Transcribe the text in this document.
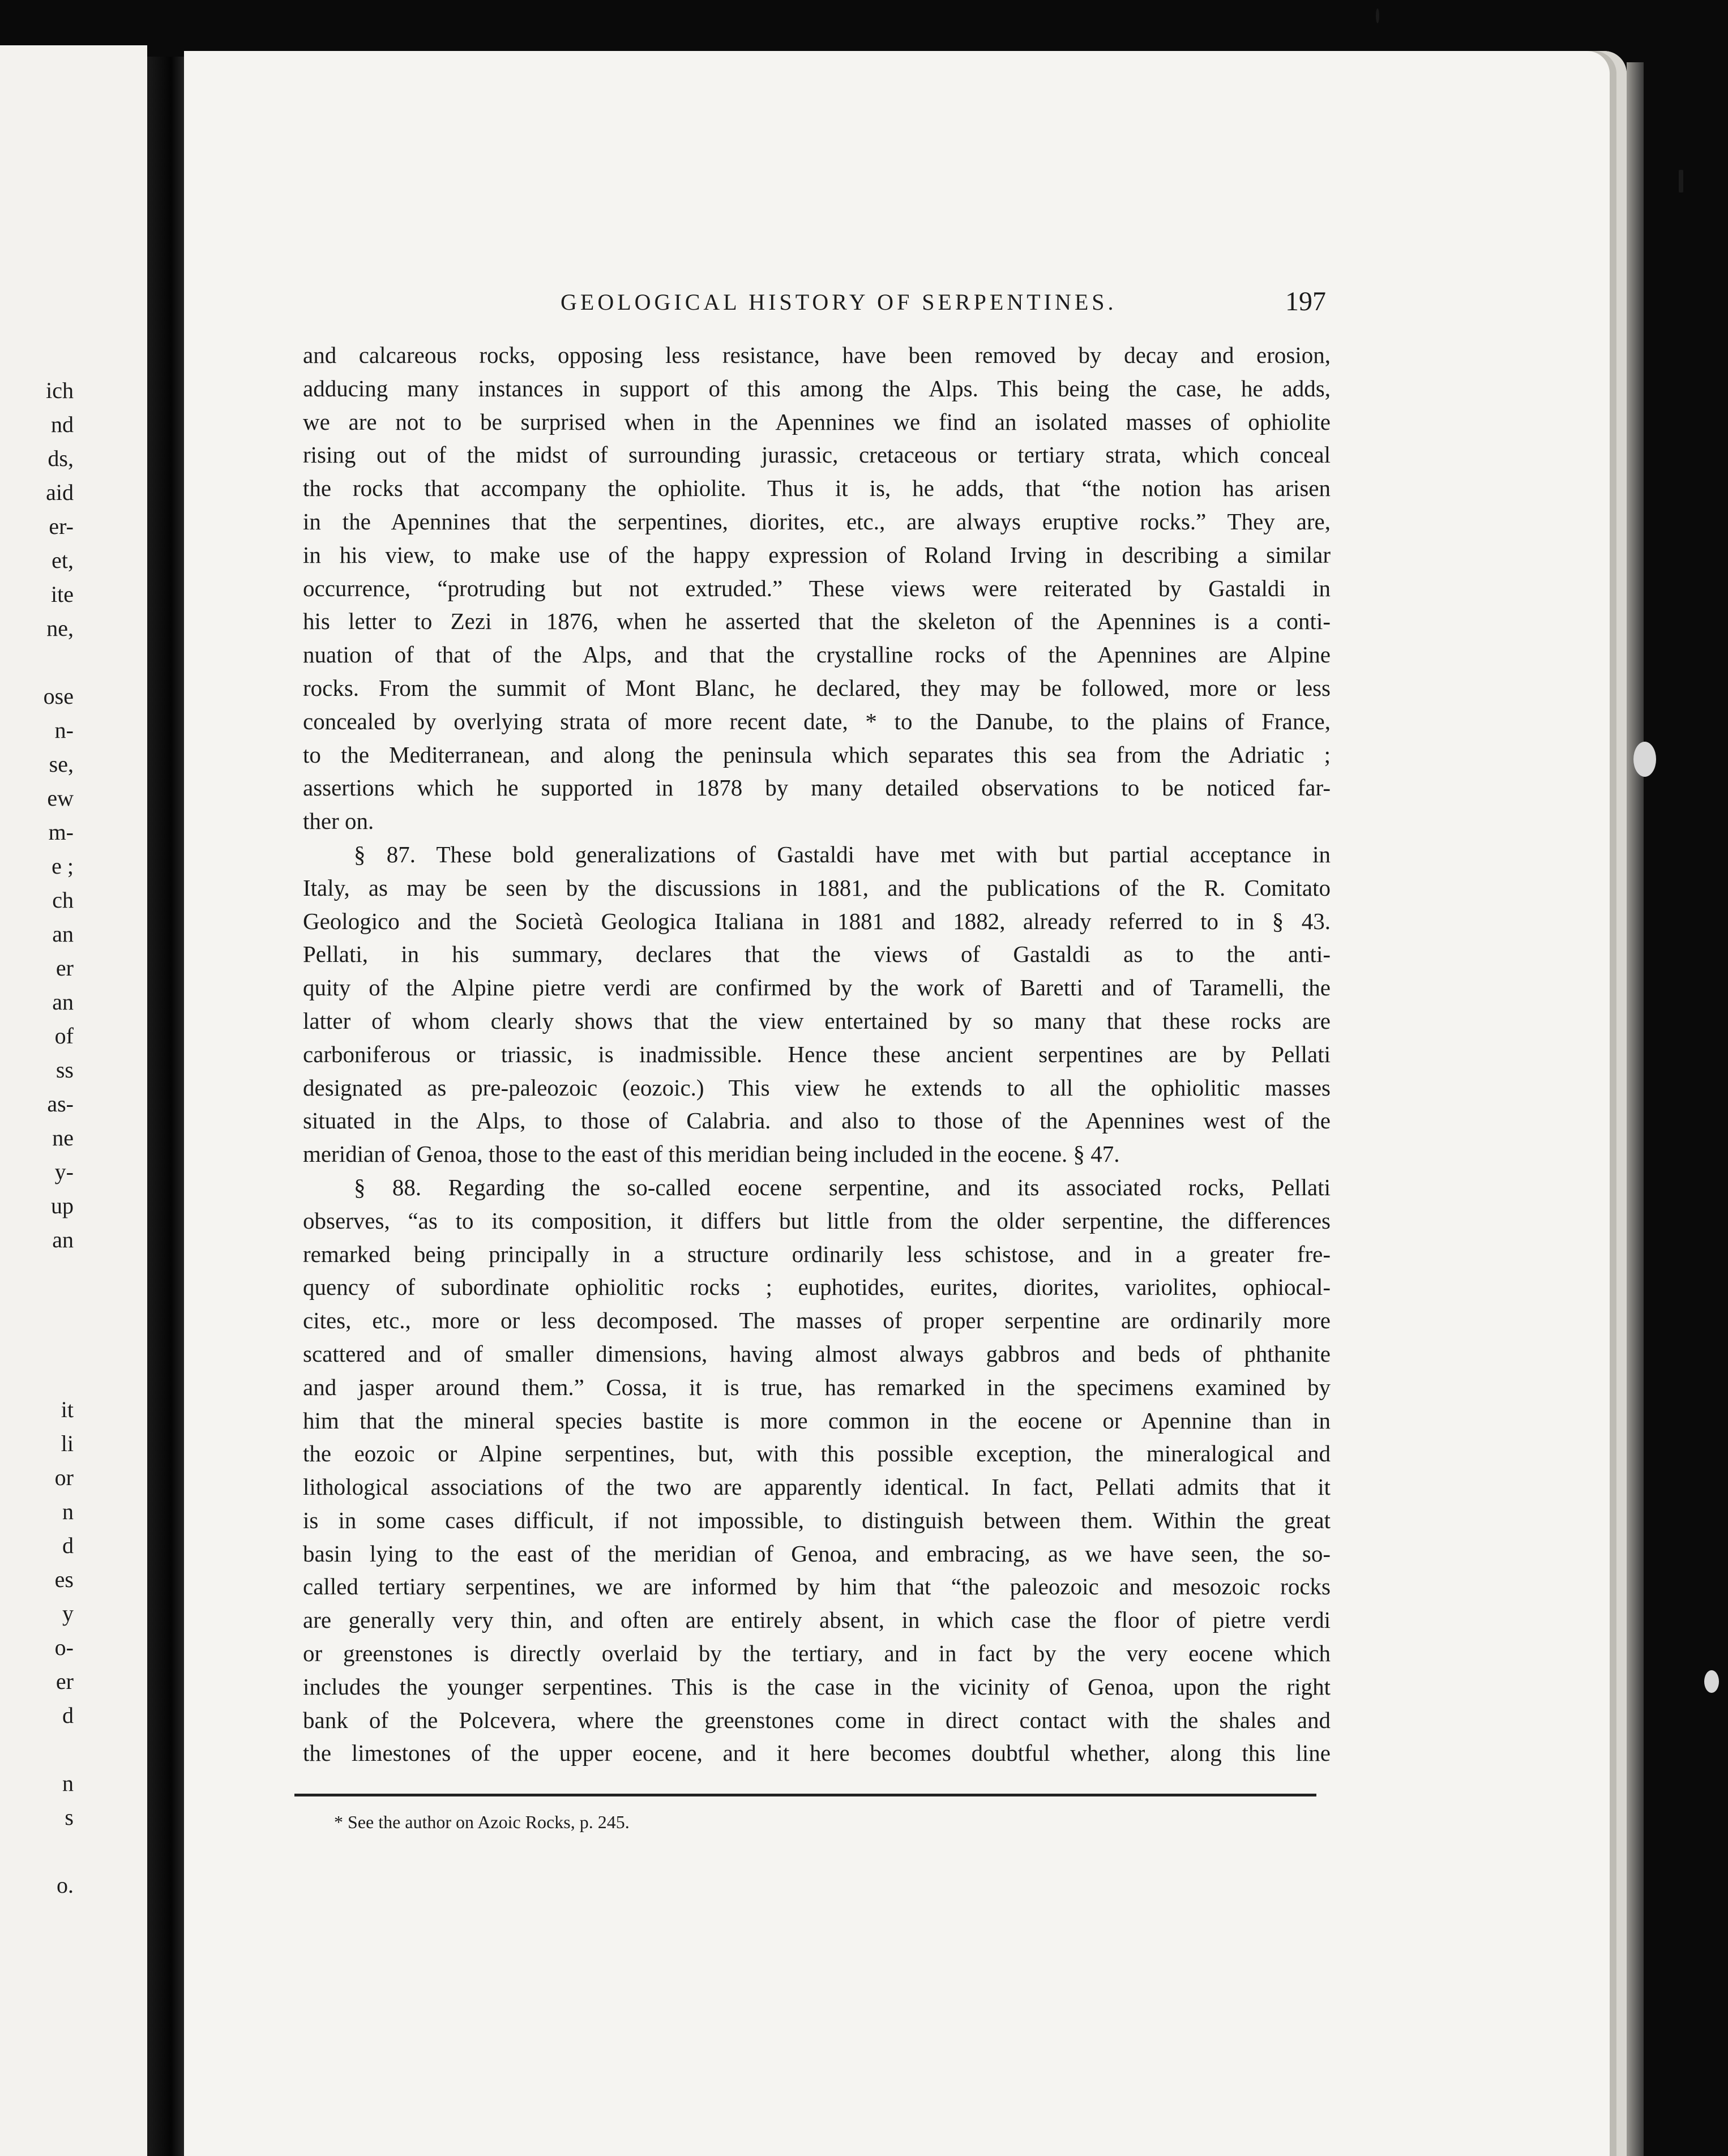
ich
nd
ds,
aid
er-
et,
ite
ne,
ose
n-
se,
ew
m-
e ;
ch
an
er
an
of
ss
as-
ne
y-
up
an
it
li
or
n
d
es
y
o-
er
d
n
s
o.
GEOLOGICAL HISTORY OF SERPENTINES.	197
and calcareous rocks, opposing less resistance, have been removed by decay and erosion,
adducing many instances in support of this among the Alps. This being the case, he adds,
we are not to be surprised when in the Apennines we find an isolated masses of ophiolite
rising out of the midst of surrounding jurassic, cretaceous or tertiary strata, which conceal
the rocks that accompany the ophiolite. Thus it is, he adds, that “the notion has arisen
in the Apennines that the serpentines, diorites, etc., are always eruptive rocks.” They are,
in his view, to make use of the happy expression of Roland Irving in describing a similar
occurrence, “protruding but not extruded.” These views were reiterated by Gastaldi in
his letter to Zezi in 1876, when he asserted that the skeleton of the Apennines is a conti-
nuation of that of the Alps, and that the crystalline rocks of the Apennines are Alpine
rocks. From the summit of Mont Blanc, he declared, they may be followed, more or less
concealed by overlying strata of more recent date, * to the Danube, to the plains of France,
to the Mediterranean, and along the peninsula which separates this sea from the Adriatic ;
assertions which he supported in 1878 by many detailed observations to be noticed far-
ther on.
§ 87. These bold generalizations of Gastaldi have met with but partial acceptance in
Italy, as may be seen by the discussions in 1881, and the publications of the R. Comitato
Geologico and the Società Geologica Italiana in 1881 and 1882, already referred to in § 43.
Pellati, in his summary, declares that the views of Gastaldi as to the anti-
quity of the Alpine pietre verdi are confirmed by the work of Baretti and of Taramelli, the
latter of whom clearly shows that the view entertained by so many that these rocks are
carboniferous or triassic, is inadmissible. Hence these ancient serpentines are by Pellati
designated as pre-paleozoic (eozoic.) This view he extends to all the ophiolitic masses
situated in the Alps, to those of Calabria. and also to those of the Apennines west of the
meridian of Genoa, those to the east of this meridian being included in the eocene. § 47.
§ 88. Regarding the so-called eocene serpentine, and its associated rocks, Pellati
observes, “as to its composition, it differs but little from the older serpentine, the differences
remarked being principally in a structure ordinarily less schistose, and in a greater fre-
quency of subordinate ophiolitic rocks ; euphotides, eurites, diorites, variolites, ophiocal-
cites, etc., more or less decomposed. The masses of proper serpentine are ordinarily more
scattered and of smaller dimensions, having almost always gabbros and beds of phthanite
and jasper around them.” Cossa, it is true, has remarked in the specimens examined by
him that the mineral species bastite is more common in the eocene or Apennine than in
the eozoic or Alpine serpentines, but, with this possible exception, the mineralogical and
lithological associations of the two are apparently identical. In fact, Pellati admits that it
is in some cases difficult, if not impossible, to distinguish between them. Within the great
basin lying to the east of the meridian of Genoa, and embracing, as we have seen, the so-
called tertiary serpentines, we are informed by him that “the paleozoic and mesozoic rocks
are generally very thin, and often are entirely absent, in which case the floor of pietre verdi
or greenstones is directly overlaid by the tertiary, and in fact by the very eocene which
includes the younger serpentines. This is the case in the vicinity of Genoa, upon the right
bank of the Polcevera, where the greenstones come in direct contact with the shales and
the limestones of the upper eocene, and it here becomes doubtful whether, along this line
* See the author on Azoic Rocks, p. 245.
